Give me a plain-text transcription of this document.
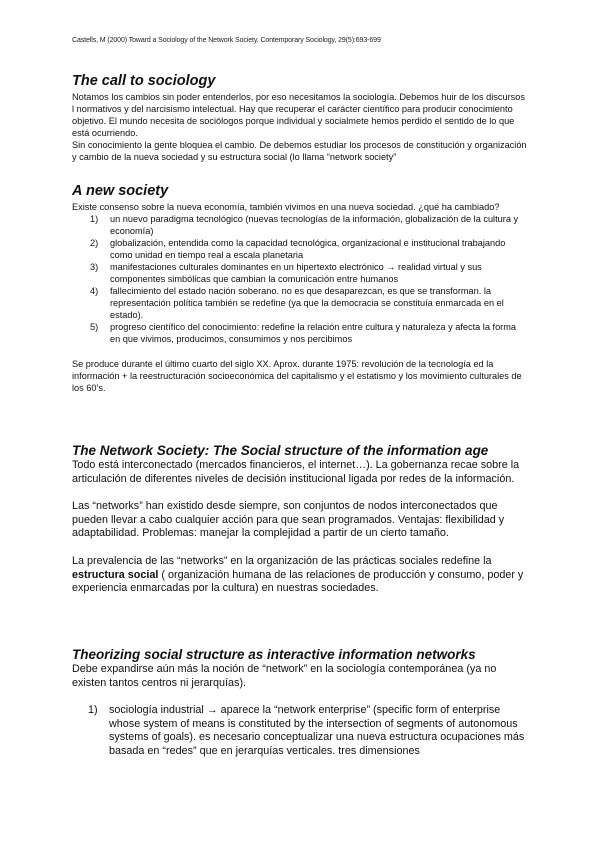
Castells, M (2000) Toward a Sociology of the Network Society. Contemporary Sociology, 29(5):693-699
The call to sociology

Notamos los cambios sin poder entenderlos, por eso necesitamos la sociología. Debemos huir de los discursos l normativos y del narcisismo intelectual. Hay que recuperar el carácter científico para producir conocimiento objetivo. El mundo necesita de sociólogos porque individual y socialmete hemos perdido el sentido de lo que está ocurriendo.

Sin conocimiento la gente bloquea el cambio. De debemos estudiar los procesos de constitución y organización y cambio de la nueva sociedad y su estructura social (lo llama “network society”

A new society

Existe consenso sobre la nueva economía, también vivimos en una nueva sociedad. ¿qué ha cambiado?

1) un nuevo paradigma tecnológico (nuevas tecnologías de la información, globalización de la cultura y economía)
2) globalización, entendida como la capacidad tecnológica, organizacional e institucional trabajando como unidad en tiempo real a escala planetaria
3) manifestaciones culturales dominantes en un hipertexto electrónico → realidad virtual y sus componentes simbólicas que cambian la comunicación entre humanos
4) fallecimiento del estado nación soberano. no es que desaparezcan, es que se transforman. la representación política también se redefine (ya que la democracia se constituía enmarcada en el estado).
5) progreso científico del conocimiento: redefine la relación entre cultura y naturaleza y afecta la forma en que vivimos, producimos, consumimos y nos percibimos

Se produce durante el último cuarto del siglo XX. Aprox. durante 1975: revolución de la tecnología ed la información + la reestructuración socioeconómica del capitalismo y el estatismo y los movimiento culturales de los 60’s.

The Network Society: The Social structure of the information age

Todo está interconectado (mercados financieros, el internet…). La gobernanza recae sobre la articulación de diferentes niveles de decisión institucional ligada por redes de la información.

Las “networks” han existido desde siempre, son conjuntos de nodos interconectados que pueden llevar a cabo cualquier acción para que sean programados. Ventajas: flexibilidad y adaptabilidad. Problemas: manejar la complejidad a partir de un cierto tamaño.

La prevalencia de las “networks” en la organización de las prácticas sociales redefine la estructura social ( organización humana de las relaciones de producción y consumo, poder y experiencia enmarcadas por la cultura) en nuestras sociedades.

Theorizing social structure as interactive information networks

Debe expandirse aún más la noción de “network” en la sociología contemporánea (ya no existen tantos centros ni jerarquías).

1) sociología industrial → aparece la “network enterprise” (specific form of enterprise whose system of means is constituted by the intersection of segments of autonomous systems of goals). es necesario conceptualizar una nueva estructura ocupaciones más basada en “redes” que en jerarquías verticales. tres dimensiones
